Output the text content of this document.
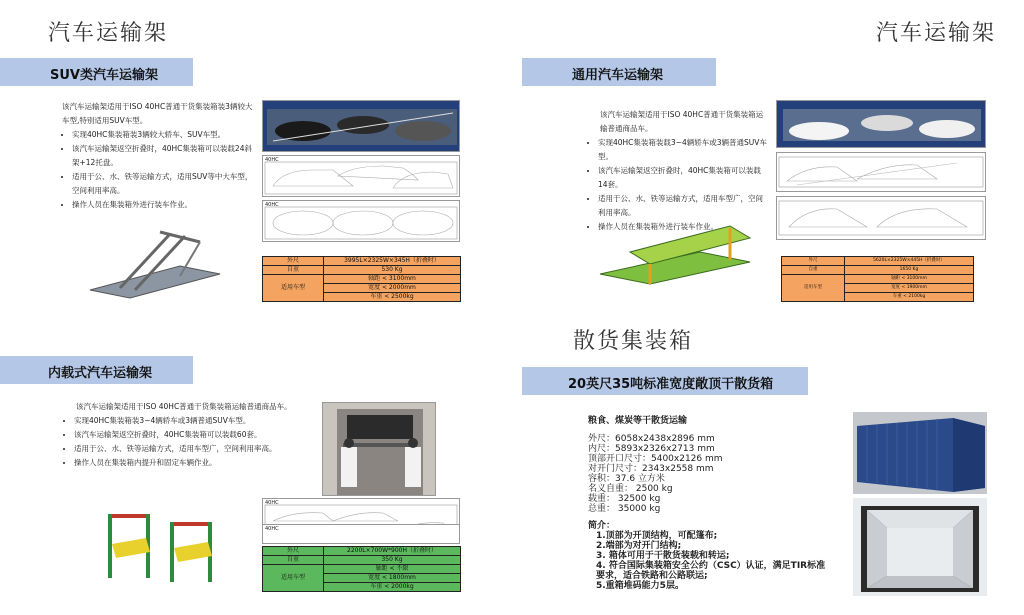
汽车运输架
SUV类汽车运输架

该汽车运输架适用于ISO 40HC普通干货集装箱装3辆较大车型,特别适用SUV车型。

• 实现40HC集装箱装3辆较大轿车、SUV车型。
• 该汽车运输架返空折叠时，40HC集装箱可以装载24斜架+12托盘。
• 适用于公、水、铁等运输方式，适用SUV等中大车型，空间利用率高。
• 操作人员在集装箱外进行装车作业。
40HC
40HC
外尺	3995L×2325W×345H（折叠时）
自重	530 Kg
适用车型	轴距 < 3100mm
	宽度 < 2000mm
	车重 < 2500kg
内载式汽车运输架

该汽车运输架适用于ISO 40HC普通干货集装箱运输普通商品车。

• 实现40HC集装箱装3~4辆轿车或3辆普通SUV车型。
• 该汽车运输架返空折叠时，40HC集装箱可以装载60套。
• 适用于公、水、铁等运输方式，适用车型广，空间利用率高。
• 操作人员在集装箱内提升和固定车辆作业。
40HC
40HC
外尺	2200L×700W*900H（折叠时）
自重	350 Kg
适用车型	轴距 < 不限
	宽度 < 1800mm
	车重 < 2000kg
汽车运输架
通用汽车运输架

该汽车运输架适用于ISO 40HC普通干货集装箱运输普通商品车。

• 实现40HC集装箱装载3~4辆轿车或3辆普通SUV车型。
• 该汽车运输架返空折叠时，40HC集装箱可以装载14套。
• 适用于公、水、铁等运输方式，适用车型广，空间利用率高。
• 操作人员在集装箱外进行装车作业。
外尺	5620L×2325W×445H（折叠时）
自重	1650 Kg
适用车型	轴距 < 3100mm
	宽度 < 1900mm
	车重 < 2100kg
散货集装箱
20英尺35吨标准宽度敞顶干散货箱
粮食、煤炭等干散货运输
外尺：6058x2438x2896 mm
内尺：5893x2326x2713 mm
顶部开口尺寸：5400x2126 mm
对开门尺寸：2343x2558 mm
容积：37.6 立方米
名义自重： 2500 kg
载重： 32500 kg
总重： 35000 kg
简介：
1.顶部为开顶结构，可配篷布;
2.端部为对开门结构;
3. 箱体可用于干散货装载和转运;
4. 符合国际集装箱安全公约（CSC）认证，满足TIR标准要求，适合铁路和公路联运;
5.重箱堆码能力5层。
